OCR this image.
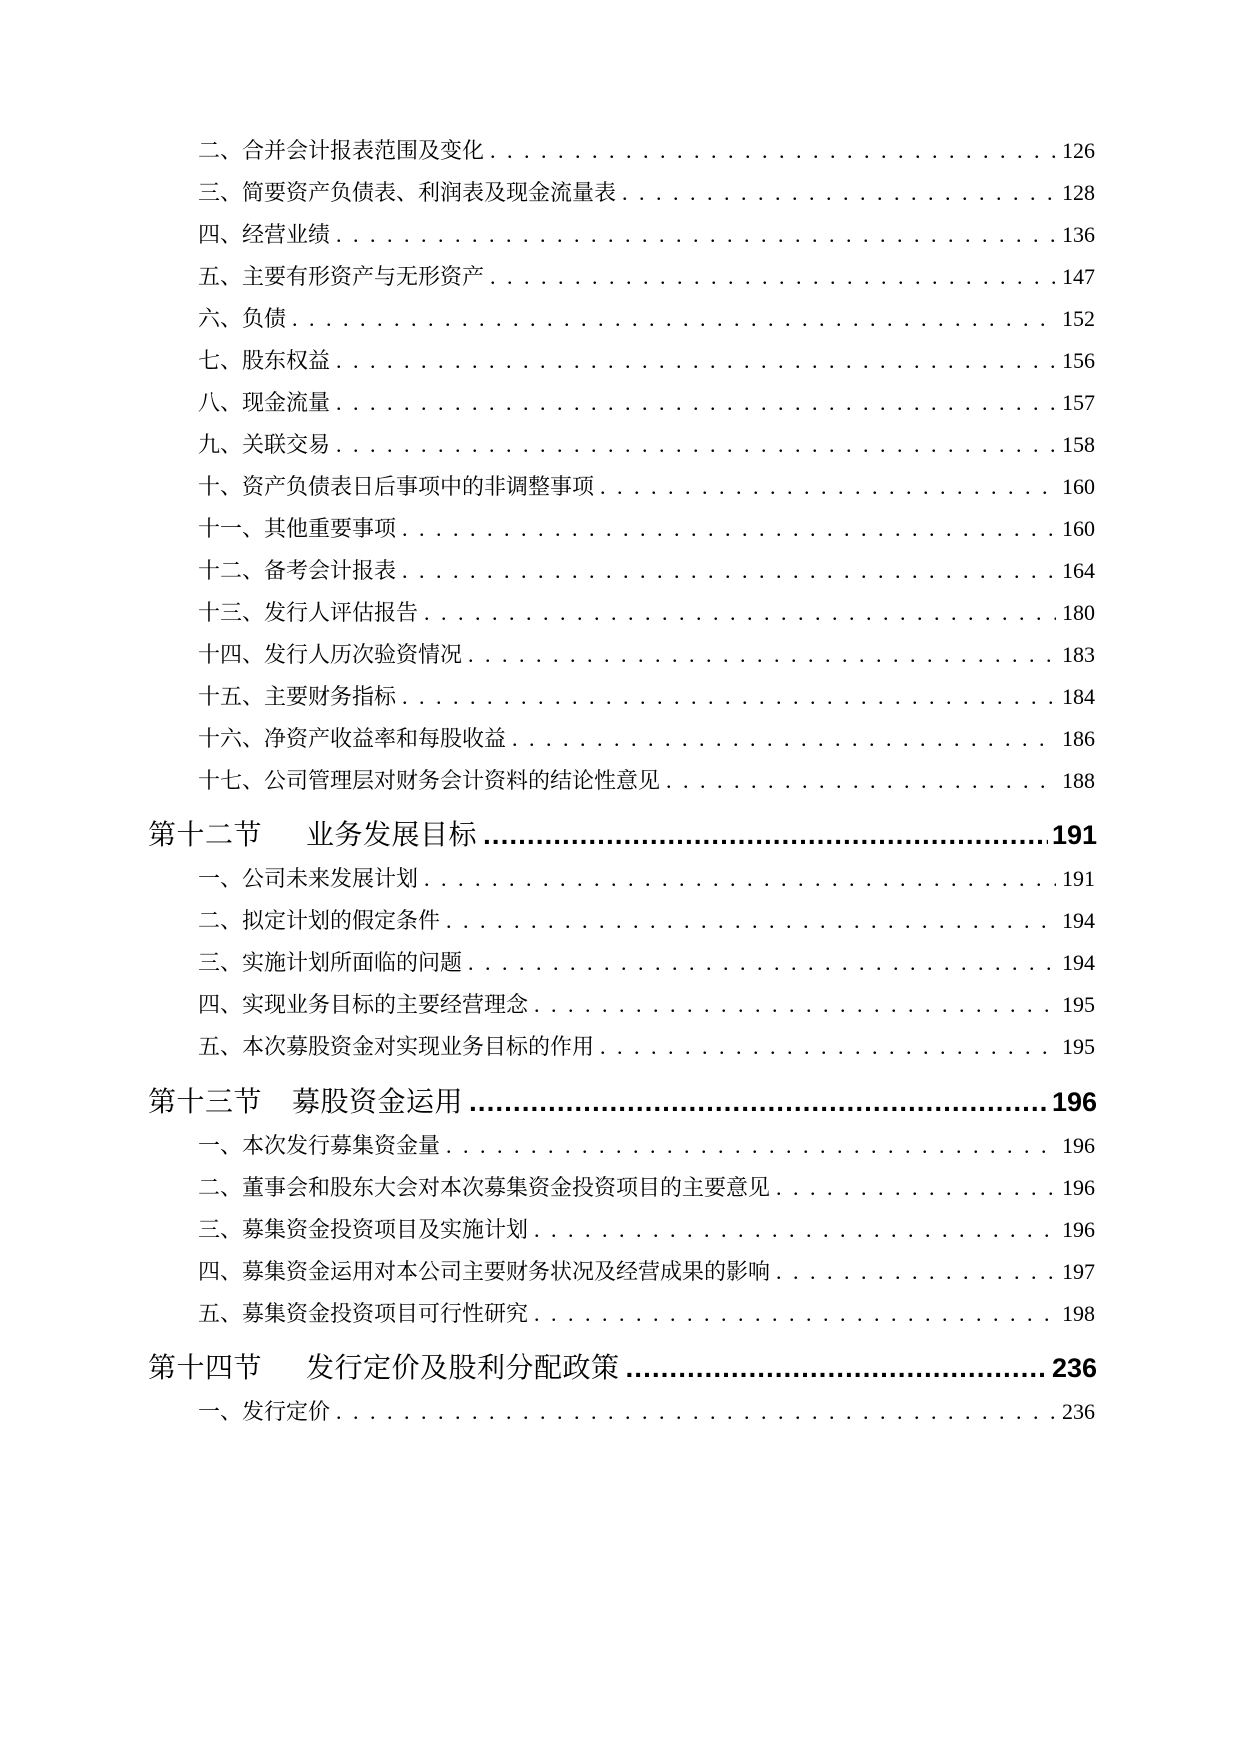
二、合并会计报表范围及变化 . . .	126
三、简要资产负债表、利润表及现金流量表 . . .	128
四、经营业绩 . . .	136
五、主要有形资产与无形资产 . . .	147
六、负债 . . .	152
七、股东权益 . . .	156
八、现金流量 . . .	157
九、关联交易 . . .	158
十、资产负债表日后事项中的非调整事项 . . .	160
十一、其他重要事项 . . .	160
十二、备考会计报表 . . .	164
十三、发行人评估报告 . . .	180
十四、发行人历次验资情况 . . .	183
十五、主要财务指标 . . .	184
十六、净资产收益率和每股收益 . . .	186
十七、公司管理层对财务会计资料的结论性意见 . . .	188
第十二节	业务发展目标 .....	191
一、公司未来发展计划 . . .	191
二、拟定计划的假定条件 . . .	194
三、实施计划所面临的问题 . . .	194
四、实现业务目标的主要经营理念 . . .	195
五、本次募股资金对实现业务目标的作用 . . .	195
第十三节	募股资金运用 .....	196
一、本次发行募集资金量 . . .	196
二、董事会和股东大会对本次募集资金投资项目的主要意见 . . .	196
三、募集资金投资项目及实施计划 . . .	196
四、募集资金运用对本公司主要财务状况及经营成果的影响 . . .	197
五、募集资金投资项目可行性研究 . . .	198
第十四节	发行定价及股利分配政策 .....	236
一、发行定价 . . .	236
